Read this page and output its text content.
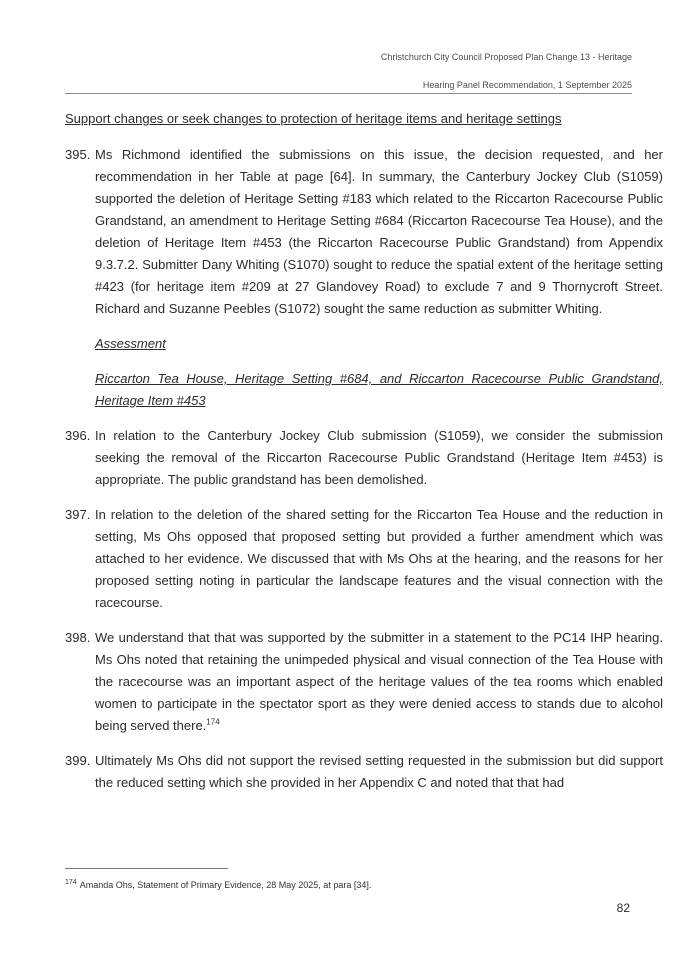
Christchurch City Council Proposed Plan Change 13 - Heritage
Hearing Panel Recommendation, 1 September 2025
Support changes or seek changes to protection of heritage items and heritage settings
395. Ms Richmond identified the submissions on this issue, the decision requested, and her recommendation in her Table at page [64]. In summary, the Canterbury Jockey Club (S1059) supported the deletion of Heritage Setting #183 which related to the Riccarton Racecourse Public Grandstand, an amendment to Heritage Setting #684 (Riccarton Racecourse Tea House), and the deletion of Heritage Item #453 (the Riccarton Racecourse Public Grandstand) from Appendix 9.3.7.2. Submitter Dany Whiting (S1070) sought to reduce the spatial extent of the heritage setting #423 (for heritage item #209 at 27 Glandovey Road) to exclude 7 and 9 Thornycroft Street. Richard and Suzanne Peebles (S1072) sought the same reduction as submitter Whiting.
Assessment
Riccarton Tea House, Heritage Setting #684, and Riccarton Racecourse Public Grandstand, Heritage Item #453
396. In relation to the Canterbury Jockey Club submission (S1059), we consider the submission seeking the removal of the Riccarton Racecourse Public Grandstand (Heritage Item #453) is appropriate. The public grandstand has been demolished.
397. In relation to the deletion of the shared setting for the Riccarton Tea House and the reduction in setting, Ms Ohs opposed that proposed setting but provided a further amendment which was attached to her evidence. We discussed that with Ms Ohs at the hearing, and the reasons for her proposed setting noting in particular the landscape features and the visual connection with the racecourse.
398. We understand that that was supported by the submitter in a statement to the PC14 IHP hearing. Ms Ohs noted that retaining the unimpeded physical and visual connection of the Tea House with the racecourse was an important aspect of the heritage values of the tea rooms which enabled women to participate in the spectator sport as they were denied access to stands due to alcohol being served there.$^{174}$
399. Ultimately Ms Ohs did not support the revised setting requested in the submission but did support the reduced setting which she provided in her Appendix C and noted that that had
$^{174}$ Amanda Ohs, Statement of Primary Evidence, 28 May 2025, at para [34].
82
